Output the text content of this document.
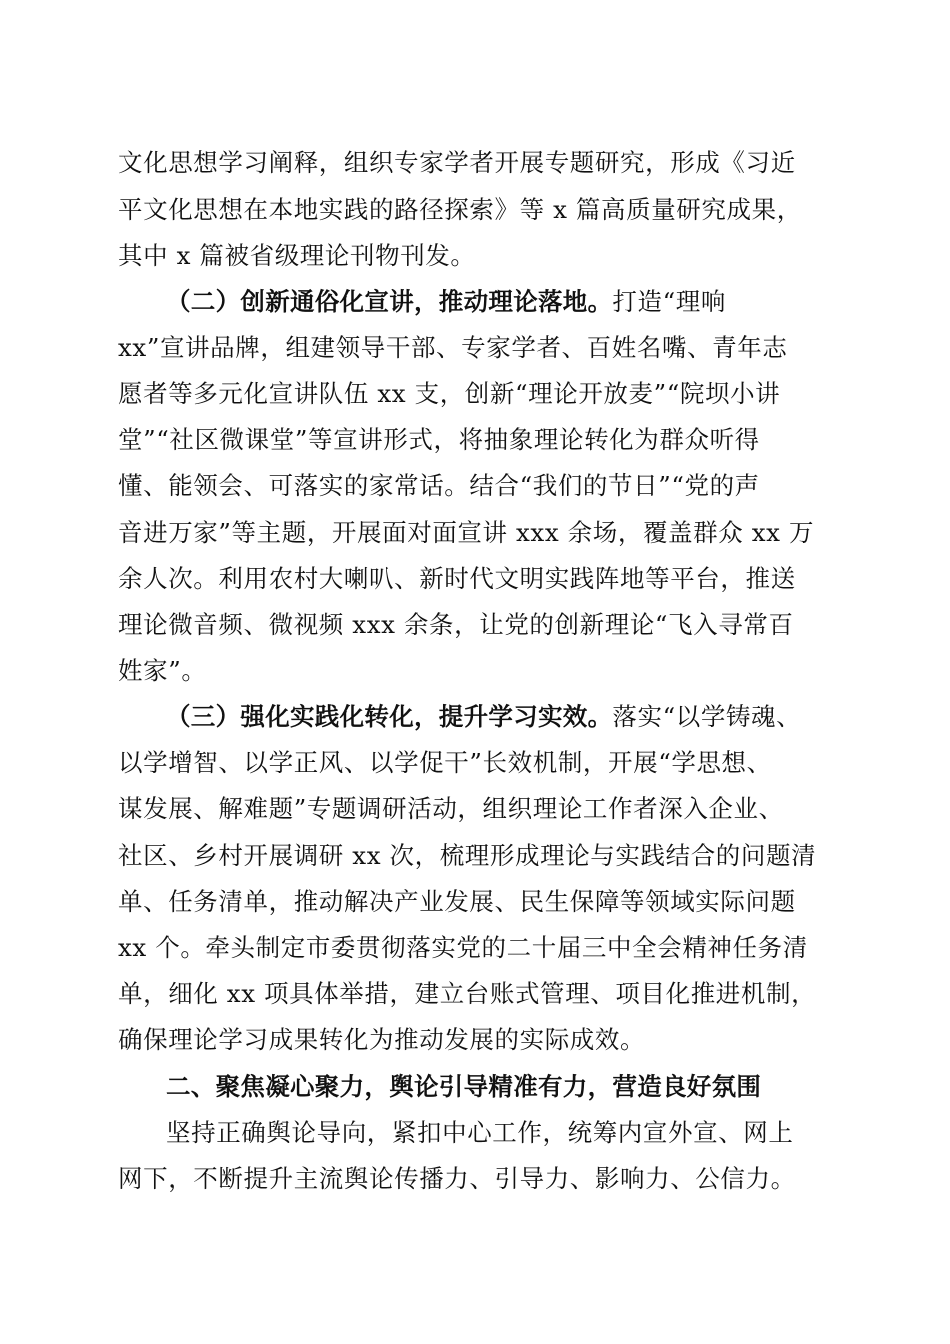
文化思想学习阐释，组织专家学者开展专题研究，形成《习近
平文化思想在本地实践的路径探索》等 x 篇高质量研究成果，
其中 x 篇被省级理论刊物刊发。
（二）创新通俗化宣讲，推动理论落地。打造“理响
xx”宣讲品牌，组建领导干部、专家学者、百姓名嘴、青年志
愿者等多元化宣讲队伍 xx 支，创新“理论开放麦”“院坝小讲
堂”“社区微课堂”等宣讲形式，将抽象理论转化为群众听得
懂、能领会、可落实的家常话。结合“我们的节日”“党的声
音进万家”等主题，开展面对面宣讲 xxx 余场，覆盖群众 xx 万
余人次。利用农村大喇叭、新时代文明实践阵地等平台，推送
理论微音频、微视频 xxx 余条，让党的创新理论“飞入寻常百
姓家”。
（三）强化实践化转化，提升学习实效。落实“以学铸魂、
以学增智、以学正风、以学促干”长效机制，开展“学思想、
谋发展、解难题”专题调研活动，组织理论工作者深入企业、
社区、乡村开展调研 xx 次，梳理形成理论与实践结合的问题清
单、任务清单，推动解决产业发展、民生保障等领域实际问题
xx 个。牵头制定市委贯彻落实党的二十届三中全会精神任务清
单，细化 xx 项具体举措，建立台账式管理、项目化推进机制，
确保理论学习成果转化为推动发展的实际成效。
二、聚焦凝心聚力，舆论引导精准有力，营造良好氛围
坚持正确舆论导向，紧扣中心工作，统筹内宣外宣、网上
网下，不断提升主流舆论传播力、引导力、影响力、公信力。
